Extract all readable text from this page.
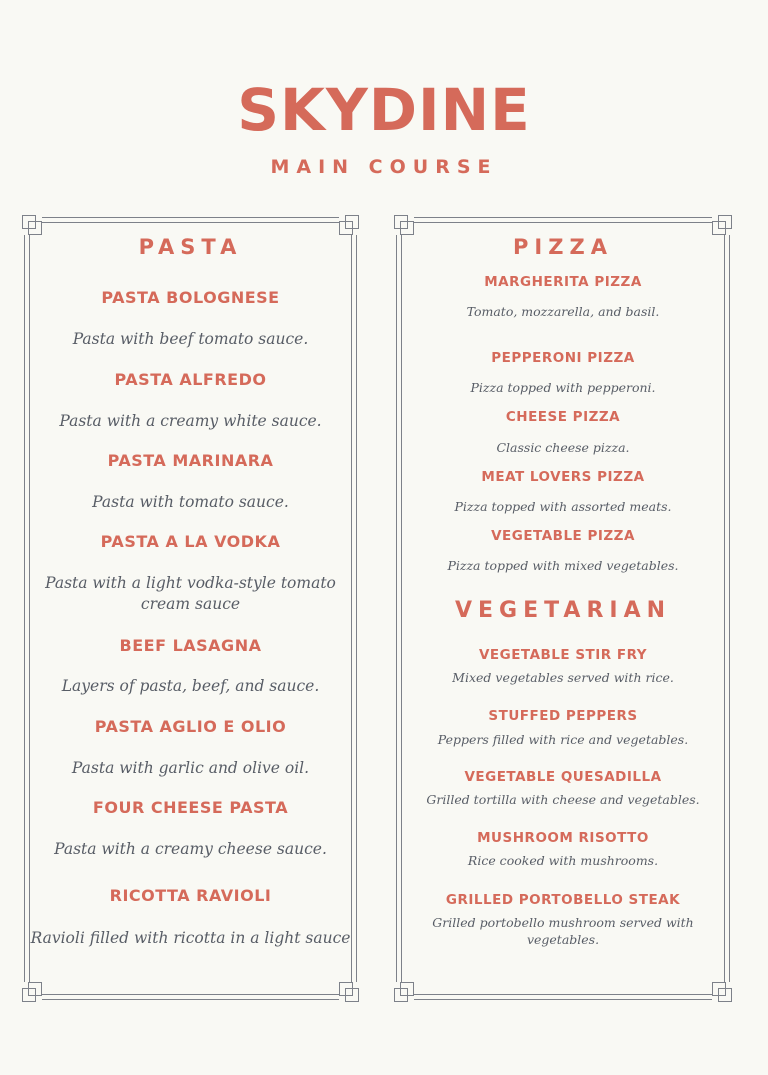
SKYDINE
MAIN COURSE
PASTA
PASTA BOLOGNESE
Pasta with beef tomato sauce.
PASTA ALFREDO
Pasta with a creamy white sauce.
PASTA MARINARA
Pasta with tomato sauce.
PASTA A LA VODKA
Pasta with a light vodka-style tomato cream sauce
BEEF LASAGNA
Layers of pasta, beef, and sauce.
PASTA AGLIO E OLIO
Pasta with garlic and olive oil.
FOUR CHEESE PASTA
Pasta with a creamy cheese sauce.
RICOTTA RAVIOLI
Ravioli filled with ricotta in a light sauce
PIZZA
MARGHERITA PIZZA
Tomato, mozzarella, and basil.
PEPPERONI PIZZA
Pizza topped with pepperoni.
CHEESE PIZZA
Classic cheese pizza.
MEAT LOVERS PIZZA
Pizza topped with assorted meats.
VEGETABLE PIZZA
Pizza topped with mixed vegetables.
VEGETARIAN
VEGETABLE STIR FRY
Mixed vegetables served with rice.
STUFFED PEPPERS
Peppers filled with rice and vegetables.
VEGETABLE QUESADILLA
Grilled tortilla with cheese and vegetables.
MUSHROOM RISOTTO
Rice cooked with mushrooms.
GRILLED PORTOBELLO STEAK
Grilled portobello mushroom served with vegetables.
